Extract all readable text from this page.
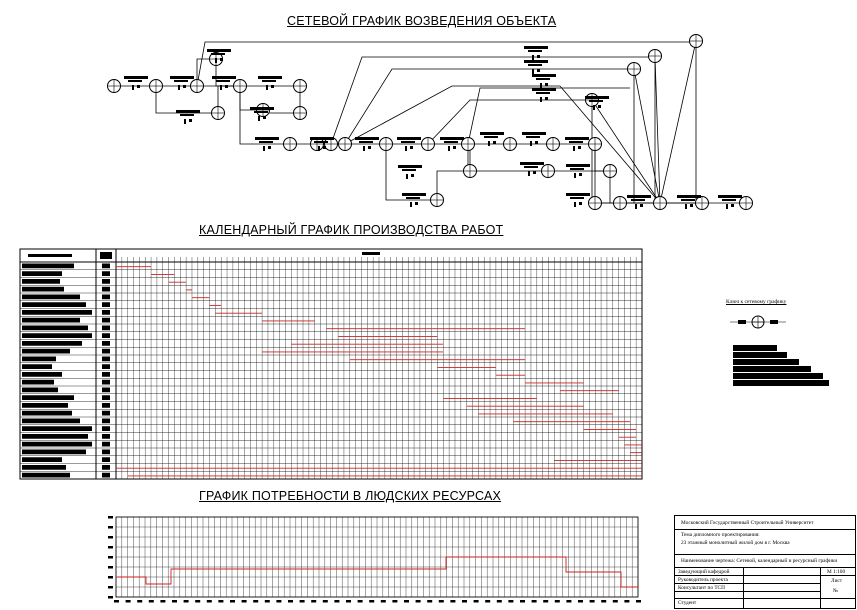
СЕТЕВОЙ ГРАФИК ВОЗВЕДЕНИЯ ОБЪЕКТА
КАЛЕНДАРНЫЙ ГРАФИК ПРОИЗВОДСТВА РАБОТ
ГРАФИК ПОТРЕБНОСТИ В ЛЮДСКИХ РЕСУРСАХ
Ключ к сетевому графику
Московский Государственный Строительный Университет
Тема дипломного проектирования:
23 этажный монолитный жилой дом в г. Москва
Наименование чертежа: Сетевой, календарный и ресурсный графики
Заведующий кафедрой
Руководитель проекта
Консультант по ТСП
Студент
М 1:100
Лист
№
